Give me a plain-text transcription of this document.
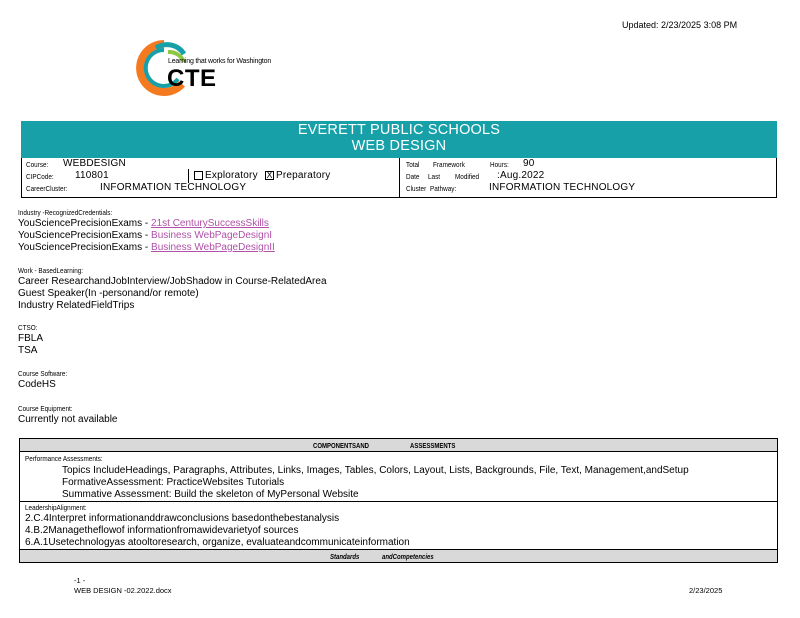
Updated: 2/23/2025 3:08 PM
Learning that works for Washington
CTE
EVERETT PUBLIC SCHOOLS
WEB DESIGN
Course: WEBDESIGN
CIPCode: 110801	Exploratory X Preparatory
CareerCluster:	INFORMATION TECHNOLOGY
Total Framework	Hours: 90
Date Last Modified :Aug.2022
Cluster Pathway:	INFORMATION TECHNOLOGY
Industry -RecognizedCredentials:
YouSciencePrecisionExams - 21st CenturySuccessSkills
YouSciencePrecisionExams - Business WebPageDesignI
YouSciencePrecisionExams - Business WebPageDesignII
Work - BasedLearning:
Career ResearchandJobInterview/JobShadow in Course-RelatedArea
Guest Speaker(In -personand/or remote)
Industry RelatedFieldTrips
CTSO:
FBLA
TSA
Course Software:
CodeHS
Course Equipment:
Currently not available
COMPONENTSAND	ASSESSMENTS
Performance Assessments:
Topics IncludeHeadings, Paragraphs, Attributes, Links, Images, Tables, Colors, Layout, Lists, Backgrounds, File, Text, Management,andSetup
FormativeAssessment: PracticeWebsites Tutorials
Summative Assessment: Build the skeleton of MyPersonal Website
LeadershipAlignment:
2.C.4Interpret informationanddrawconclusions basedonthebestanalysis
4.B.2Managetheflowof informationfromawidevarietyof sources
6.A.1Usetechnologyas atooltoresearch, organize, evaluateandcommunicateinformation
Standards	andCompetencies
-1 -
WEB DESIGN -02.2022.docx	2/23/2025
